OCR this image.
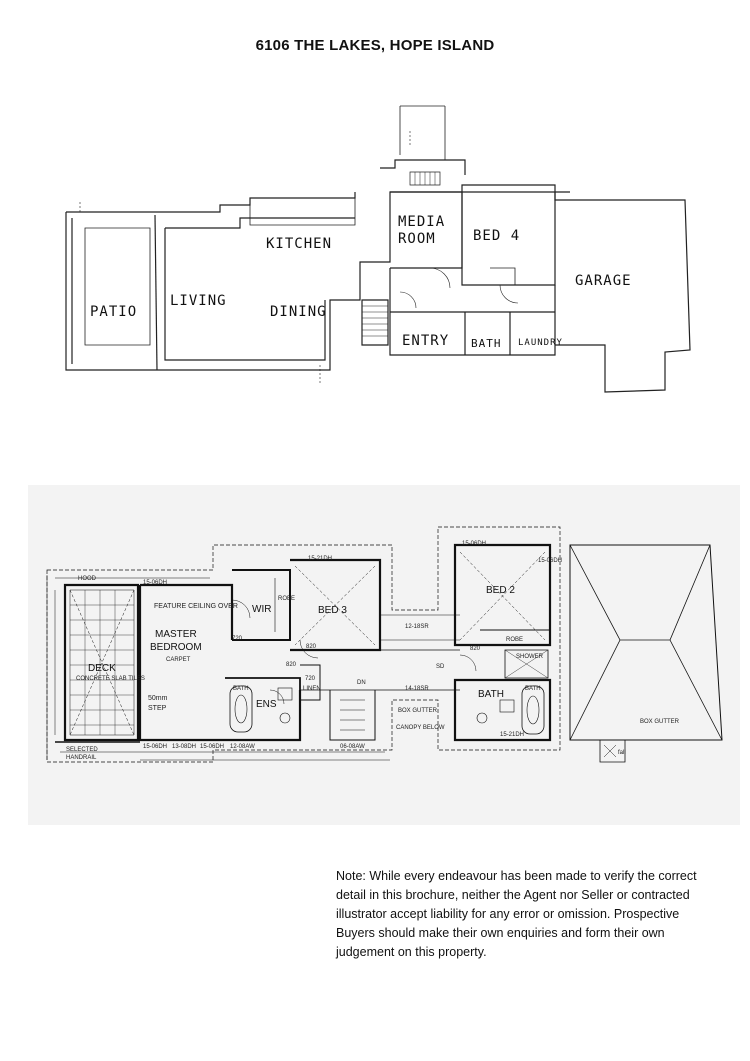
6106 THE LAKES, HOPE ISLAND
PATIO
LIVING
KITCHEN
DINING
MEDIA
ROOM	BED 4
GARAGE
ENTRY BATH LAUNDRY
HOOD
FEATURE CEILING OVER WIR
ROBE
BED 3
MASTER
BEDROOM
CARPET
DECK
CONCRETE SLAB TILES
50mm
STEP	ENS
LINEN
SD
DN
BOX GUTTER
CANOPY BELOW
BED 2
ROBE
BATH
BOX GUTTER
SELECTED
HANDRAIL
fall
720
720
820
820
820
15-06DH
15-21DH
15-06DH
12-18SR
14-18SR
15-06DH 13-08DH 15-06DH 12-08AW	06-08AW
15-21DH
15-06DH
SHOWER
BATH	BATH
Note: While every endeavour has been made to verify the correct detail in this brochure, neither the Agent nor Seller or contracted illustrator accept liability for any error or omission. Prospective Buyers should make their own enquiries and form their own judgement on this property.
